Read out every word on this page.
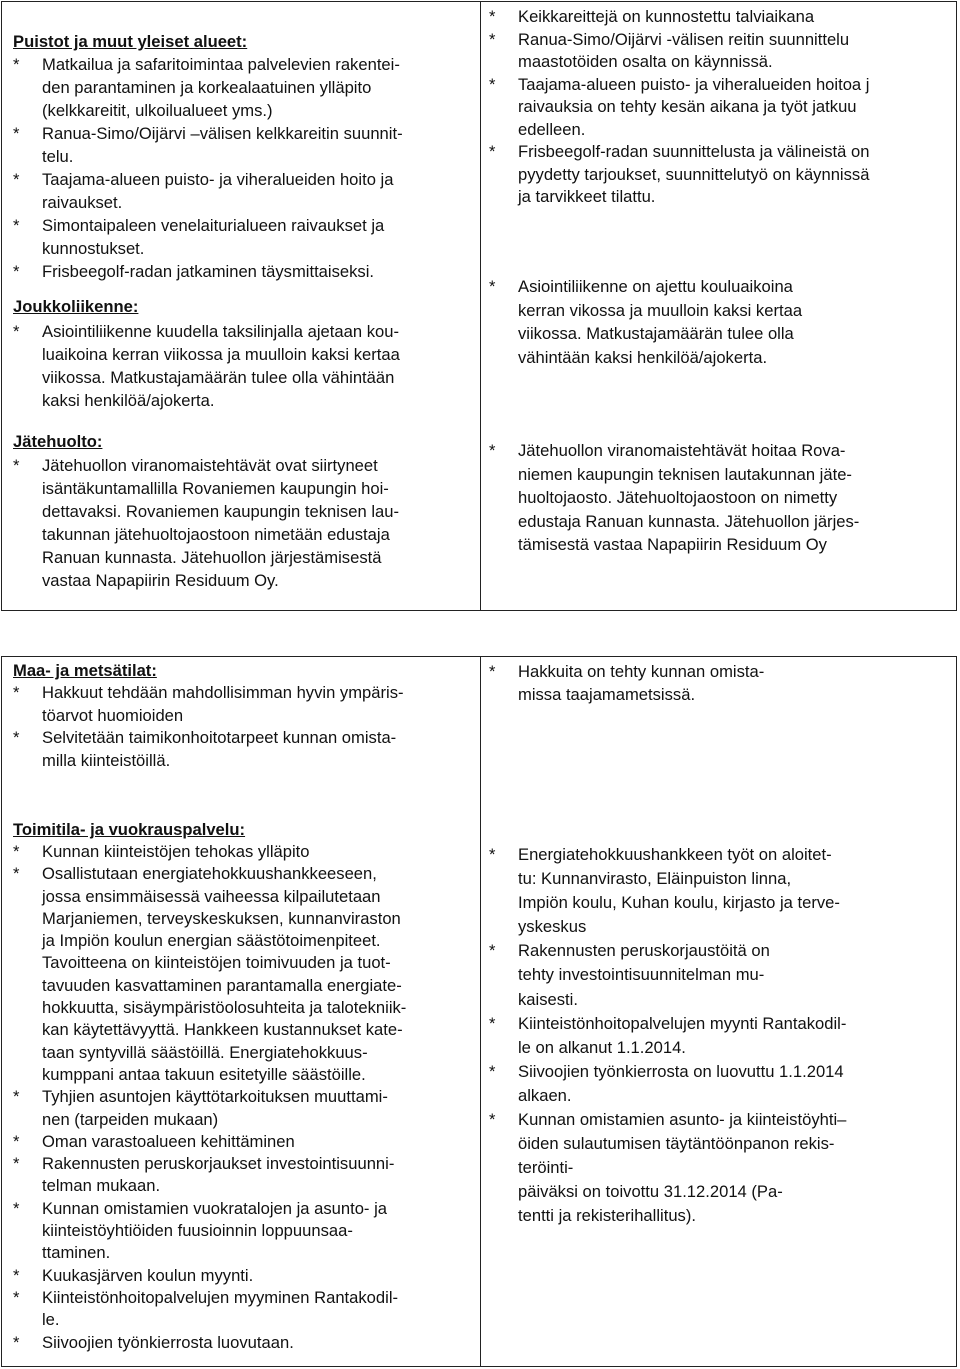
Puistot ja muut yleiset alueet:
* Matkailua ja safaritoimintaa palvelevien rakentei-
den parantaminen ja korkealaatuinen ylläpito
(kelkkareitit, ulkoilualueet yms.)
* Ranua-Simo/Oijärvi –välisen kelkkareitin suunnit-
telu.
* Taajama-alueen puisto- ja viheralueiden hoito ja
raivaukset.
* Simontaipaleen venelaiturialueen raivaukset ja
kunnostukset.
* Frisbeegolf-radan jatkaminen täysmittaiseksi.
Joukkoliikenne:
* Asiointiliikenne kuudella taksilinjalla ajetaan kou-
luaikoina kerran viikossa ja muulloin kaksi kertaa
viikossa. Matkustajamäärän tulee olla vähintään
kaksi henkilöä/ajokerta.
Jätehuolto:
* Jätehuollon viranomaistehtävät ovat siirtyneet
isäntäkuntamallilla Rovaniemen kaupungin hoi-
dettavaksi. Rovaniemen kaupungin teknisen lau-
takunnan jätehuoltojaostoon nimetään edustaja
Ranuan kunnasta. Jätehuollon järjestämisestä
vastaa Napapiirin Residuum Oy.
* Keikkareittejä on kunnostettu talviaikana
* Ranua-Simo/Oijärvi -välisen reitin suunnittelu
maastotöiden osalta on käynnissä.
* Taajama-alueen puisto- ja viheralueiden hoitoa j
raivauksia on tehty kesän aikana ja työt jatkuu
edelleen.
* Frisbeegolf-radan suunnittelusta ja välineistä on
pyydetty tarjoukset, suunnittelutyö on käynnissä
ja tarvikkeet tilattu.
* Asiointiliikenne on ajettu kouluaikoina
kerran vikossa ja muulloin kaksi kertaa
viikossa. Matkustajamäärän tulee olla
vähintään kaksi henkilöä/ajokerta.
* Jätehuollon viranomaistehtävät hoitaa Rova-
niemen kaupungin teknisen lautakunnan jäte-
huoltojaosto. Jätehuoltojaostoon on nimetty
edustaja Ranuan kunnasta. Jätehuollon järjes-
tämisestä vastaa Napapiirin Residuum Oy
Maa- ja metsätilat:
* Hakkuut tehdään mahdollisimman hyvin ympäris-
töarvot huomioiden
* Selvitetään taimikonhoitotarpeet kunnan omista-
milla kiinteistöillä.
Toimitila- ja vuokrauspalvelu:
* Kunnan kiinteistöjen tehokas ylläpito
* Osallistutaan energiatehokkuushankkeeseen,
jossa ensimmäisessä vaiheessa kilpailutetaan
Marjaniemen, terveyskeskuksen, kunnanviraston
ja Impiön koulun energian säästötoimenpiteet.
Tavoitteena on kiinteistöjen toimivuuden ja tuot-
tavuuden kasvattaminen parantamalla energiate-
hokkuutta, sisäympäristöolosuhteita ja talotekniik-
kan käytettävyyttä. Hankkeen kustannukset kate-
taan syntyvillä säästöillä. Energiatehokkuus-
kumppani antaa takuun esitetyille säästöille.
* Tyhjien asuntojen käyttötarkoituksen muuttami-
nen (tarpeiden mukaan)
* Oman varastoalueen kehittäminen
* Rakennusten peruskorjaukset investointisuunni-
telman mukaan.
* Kunnan omistamien vuokratalojen ja asunto- ja
kiinteistöyhtiöiden fuusioinnin loppuunsaa-
ttaminen.
* Kuukasjärven koulun myynti.
* Kiinteistönhoitopalvelujen myyminen Rantakodil-
le.
* Siivoojien työnkierrosta luovutaan.
* Hakkuita on tehty kunnan omista-
missa taajamametsissä.
* Energiatehokkuushankkeen työt on aloitet-
tu: Kunnanvirasto, Eläinpuiston linna,
Impiön koulu, Kuhan koulu, kirjasto ja terve-
yskeskus
* Rakennusten peruskorjaustöitä on
tehty investointisuunnitelman mu-
kaisesti.
* Kiinteistönhoitopalvelujen myynti Rantakodil-
le on alkanut 1.1.2014.
* Siivoojien työnkierrosta on luovuttu 1.1.2014
alkaen.
* Kunnan omistamien asunto- ja kiinteistöyhti–
öiden sulautumisen täytäntöönpanon rekis-
teröinti-
päiväksi on toivottu 31.12.2014 (Pa-
tentti ja rekisterihallitus).
